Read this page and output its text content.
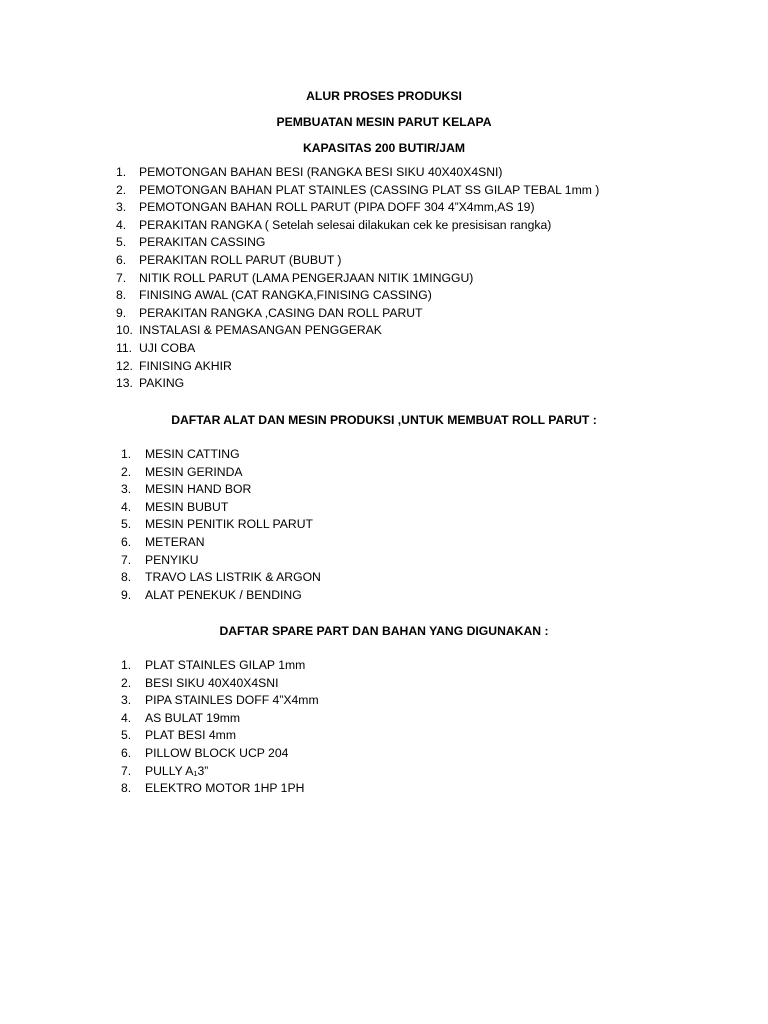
ALUR PROSES PRODUKSI
PEMBUATAN MESIN PARUT KELAPA
KAPASITAS 200 BUTIR/JAM
1. PEMOTONGAN BAHAN BESI (RANGKA BESI SIKU 40X40X4SNI)
2. PEMOTONGAN BAHAN PLAT STAINLES (CASSING PLAT SS GILAP TEBAL 1mm )
3. PEMOTONGAN BAHAN ROLL PARUT (PIPA DOFF 304 4”X4mm,AS 19)
4. PERAKITAN RANGKA ( Setelah selesai dilakukan cek ke presisisan rangka)
5. PERAKITAN CASSING
6. PERAKITAN ROLL PARUT (BUBUT )
7. NITIK ROLL PARUT (LAMA PENGERJAAN NITIK 1MINGGU)
8. FINISING AWAL (CAT RANGKA,FINISING CASSING)
9. PERAKITAN RANGKA ,CASING DAN ROLL PARUT
10. INSTALASI & PEMASANGAN PENGGERAK
11. UJI COBA
12. FINISING AKHIR
13. PAKING
DAFTAR ALAT DAN MESIN PRODUKSI ,UNTUK MEMBUAT ROLL PARUT :
1. MESIN CATTING
2. MESIN GERINDA
3. MESIN HAND BOR
4. MESIN BUBUT
5. MESIN PENITIK ROLL PARUT
6. METERAN
7. PENYIKU
8. TRAVO LAS LISTRIK & ARGON
9. ALAT PENEKUK / BENDING
DAFTAR SPARE PART DAN BAHAN YANG DIGUNAKAN :
1. PLAT STAINLES GILAP 1mm
2. BESI SIKU 40X40X4SNI
3. PIPA STAINLES DOFF 4”X4mm
4. AS BULAT 19mm
5. PLAT BESI 4mm
6. PILLOW BLOCK UCP 204
7. PULLY A₁3”
8. ELEKTRO MOTOR 1HP 1PH
